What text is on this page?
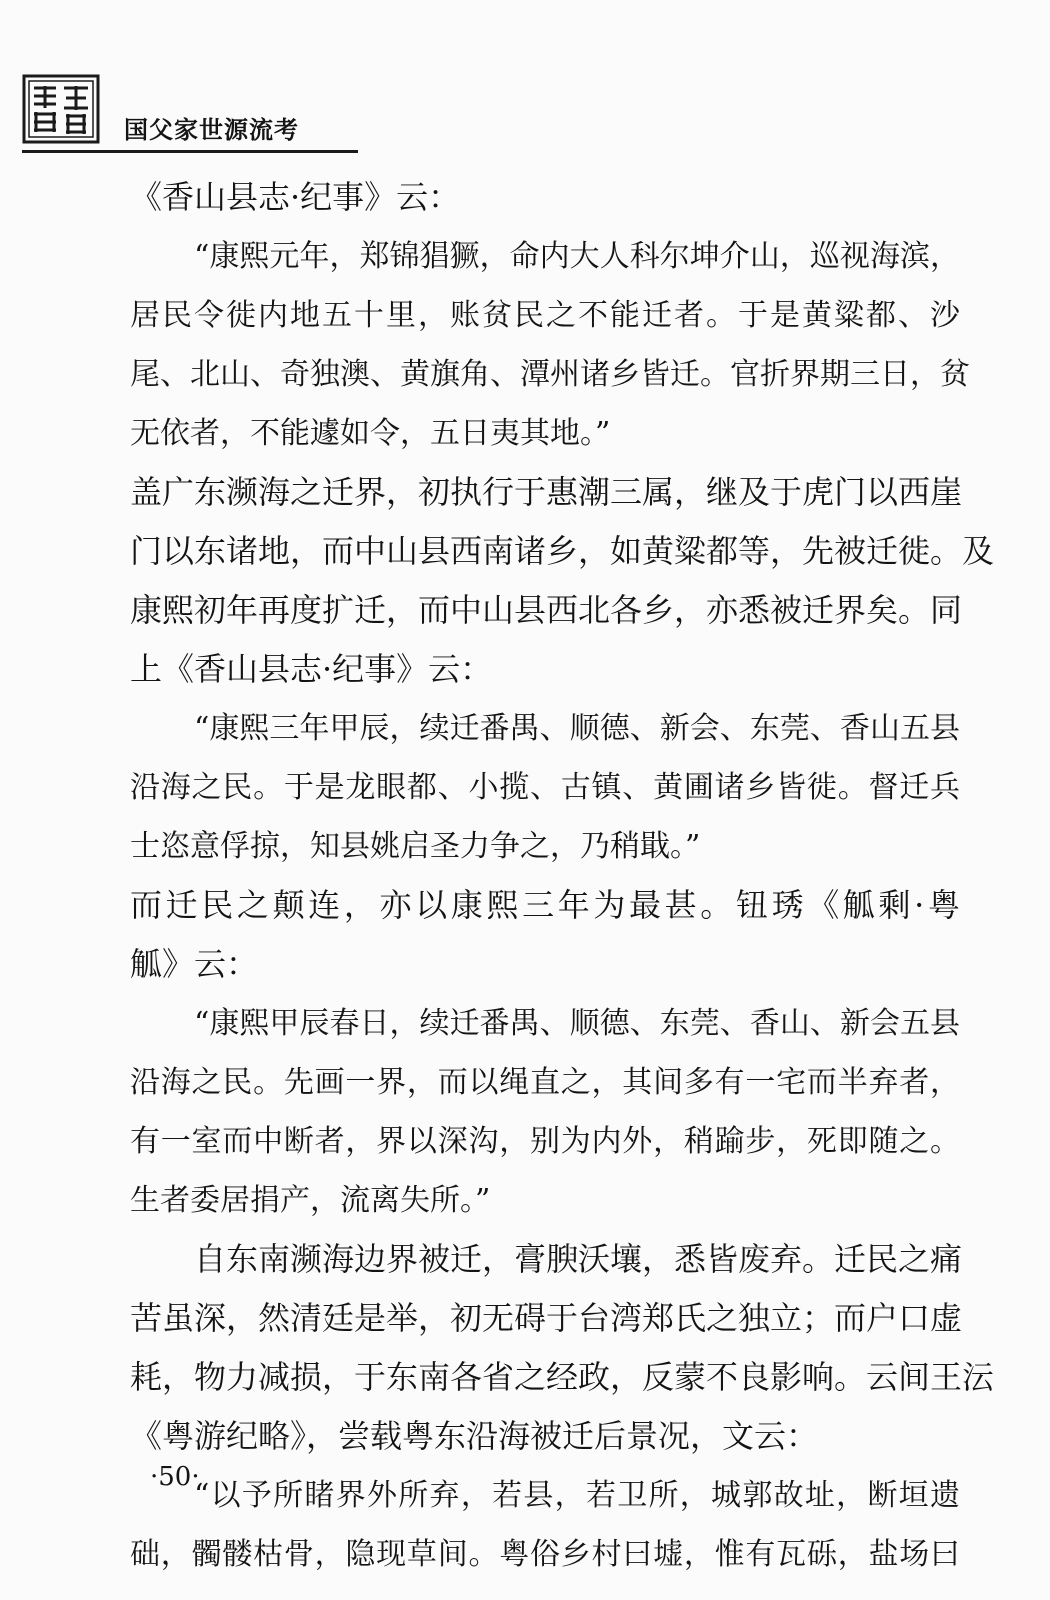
国父家世源流考
《香山县志·纪事》云：
“康熙元年，郑锦猖獗，命内大人科尔坤介山，巡视海滨，
居民令徙内地五十里，账贫民之不能迁者。于是黄粱都、沙
尾、北山、奇独澳、黄旗角、潭州诸乡皆迁。官折界期三日，贫
无依者，不能遽如令，五日夷其地。”
盖广东濒海之迁界，初执行于惠潮三属，继及于虎门以西崖
门以东诸地，而中山县西南诸乡，如黄粱都等，先被迁徙。及
康熙初年再度扩迁，而中山县西北各乡，亦悉被迁界矣。同
上《香山县志·纪事》云：
“康熙三年甲辰，续迁番禺、顺德、新会、东莞、香山五县
沿海之民。于是龙眼都、小揽、古镇、黄圃诸乡皆徙。督迁兵
士恣意俘掠，知县姚启圣力争之，乃稍戢。”
而迁民之颠连，亦以康熙三年为最甚。钮琇《觚剩·粤
觚》云：
“康熙甲辰春日，续迁番禺、顺德、东莞、香山、新会五县
沿海之民。先画一界，而以绳直之，其间多有一宅而半弃者，
有一室而中断者，界以深沟，别为内外，稍踰步，死即随之。
生者委居捐产，流离失所。”
自东南濒海边界被迁，膏腴沃壤，悉皆废弃。迁民之痛
苦虽深，然清廷是举，初无碍于台湾郑氏之独立；而户口虚
耗，物力减损，于东南各省之经政，反蒙不良影响。云间王沄
《粤游纪略》，尝载粤东沿海被迁后景况，文云：
“以予所睹界外所弃，若县，若卫所，城郭故址，断垣遗
础，髑髅枯骨，隐现草间。粤俗乡村曰墟，惟有瓦砾，盐场曰
·50·
